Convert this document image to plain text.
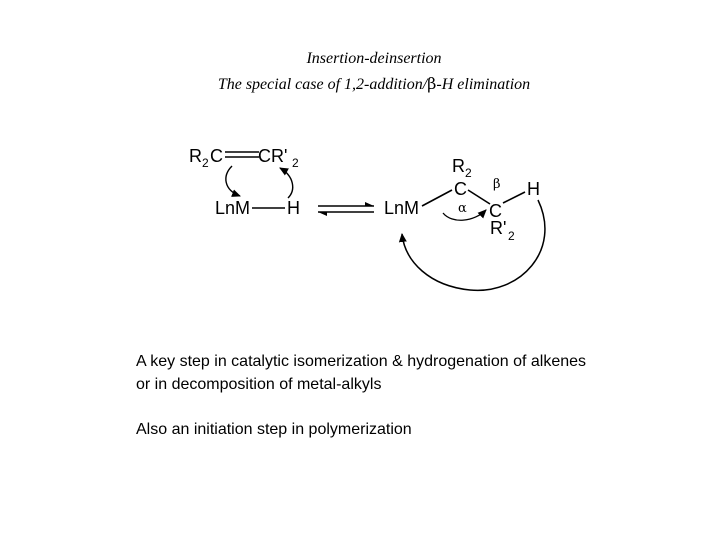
Insertion-deinsertion
The special case of 1,2-addition/β-H elimination
R 2 C CR' 2
LnM H	LnM
R 2
C
C
H
R' 2
α
β
A key step in catalytic isomerization & hydrogenation of alkenes
or in decomposition of metal-alkyls
Also an initiation step in polymerization
